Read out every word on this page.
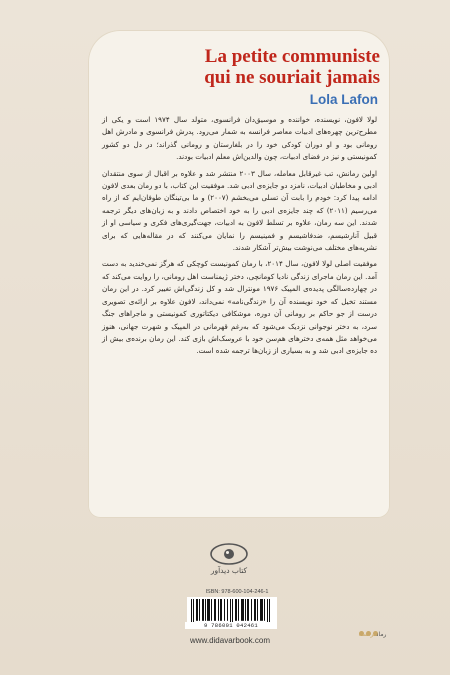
La petite communiste
qui ne souriait jamais
Lola Lafon

لولا لافون، نویسنده، خواننده و موسیق‌دان فرانسوی، متولد سال ۱۹۷۴ است و یکی از مطرح‌ترین چهره‌های ادبیات معاصر فرانسه به شمار می‌رود. پدرش فرانسوی و مادرش اهل رومانی بود و او دوران کودکی خود را در بلغارستان و رومانی گذراند؛ در دل دو کشور کمونیستی و نیز در فضای ادبیات، چون والدین‌اش معلم ادبیات بودند.

اولین رمانش، تب غیرقابل معامله، سال ۲۰۰۳ منتشر شد و علاوه بر اقبال از سوی منتقدان ادبی و مخاطبان ادبیات، نامزد دو جایزه‌ی ادبی شد. موفقیت این کتاب، با دو رمان بعدی لافون ادامه پیدا کرد: خودم را بابت آن تسلی می‌بخشم (۲۰۰۷) و ما بی‌تینگان طوفان‌ایم که از راه می‌رسیم (۲۰۱۱) که چند جایزه‌ی ادبی را به خود اختصاص دادند و به زبان‌های دیگر ترجمه شدند. این سه رمان، علاوه بر تسلط لافون به ادبیات، جهت‌گیری‌های فکری و سیاسی او از قبیل آنارشیسم، ضدفاشیسم و فمینیسم را نمایان می‌کنند که در مقاله‌هایی که برای نشریه‌های مختلف می‌نوشت بیش‌تر آشکار شدند.

موفقیت اصلی لولا لافون، سال ۲۰۱۴، با رمان کمونیست کوچکی که هرگز نمی‌خندید به دست آمد. این رمان ماجرای زندگی نادیا کومانچی، دختر ژیمناست اهل رومانی، را روایت می‌کند که در چهارده‌سالگی پدیده‌ی المپیک ۱۹۷۶ مونترال شد و کل زندگی‌اش تغییر کرد. در این رمان مستند تخیل که خود نویسنده آن را «زندگی‌نامه» نمی‌داند، لافون علاوه بر ارائه‌ی تصویری درست از جو حاکم بر رومانی آن دوره، موشکافی دیکتاتوری کمونیستی و ماجراهای جنگ سرد، به دختر نوجوانی نزدیک می‌شود که به‌رغم قهرمانی در المپیک و شهرت جهانی، هنوز می‌خواهد مثل همه‌ی دخترهای هم‌سن خود با عروسک‌اش بازی کند. این رمان برنده‌ی بیش از ده جایزه‌ی ادبی شد و به بسیاری از زبان‌ها ترجمه شده است.

کتاب دیدآور
ISBN: 978-600-104-246-1
9 786001 042461
www.didavarbook.com
رمانفرانسه
